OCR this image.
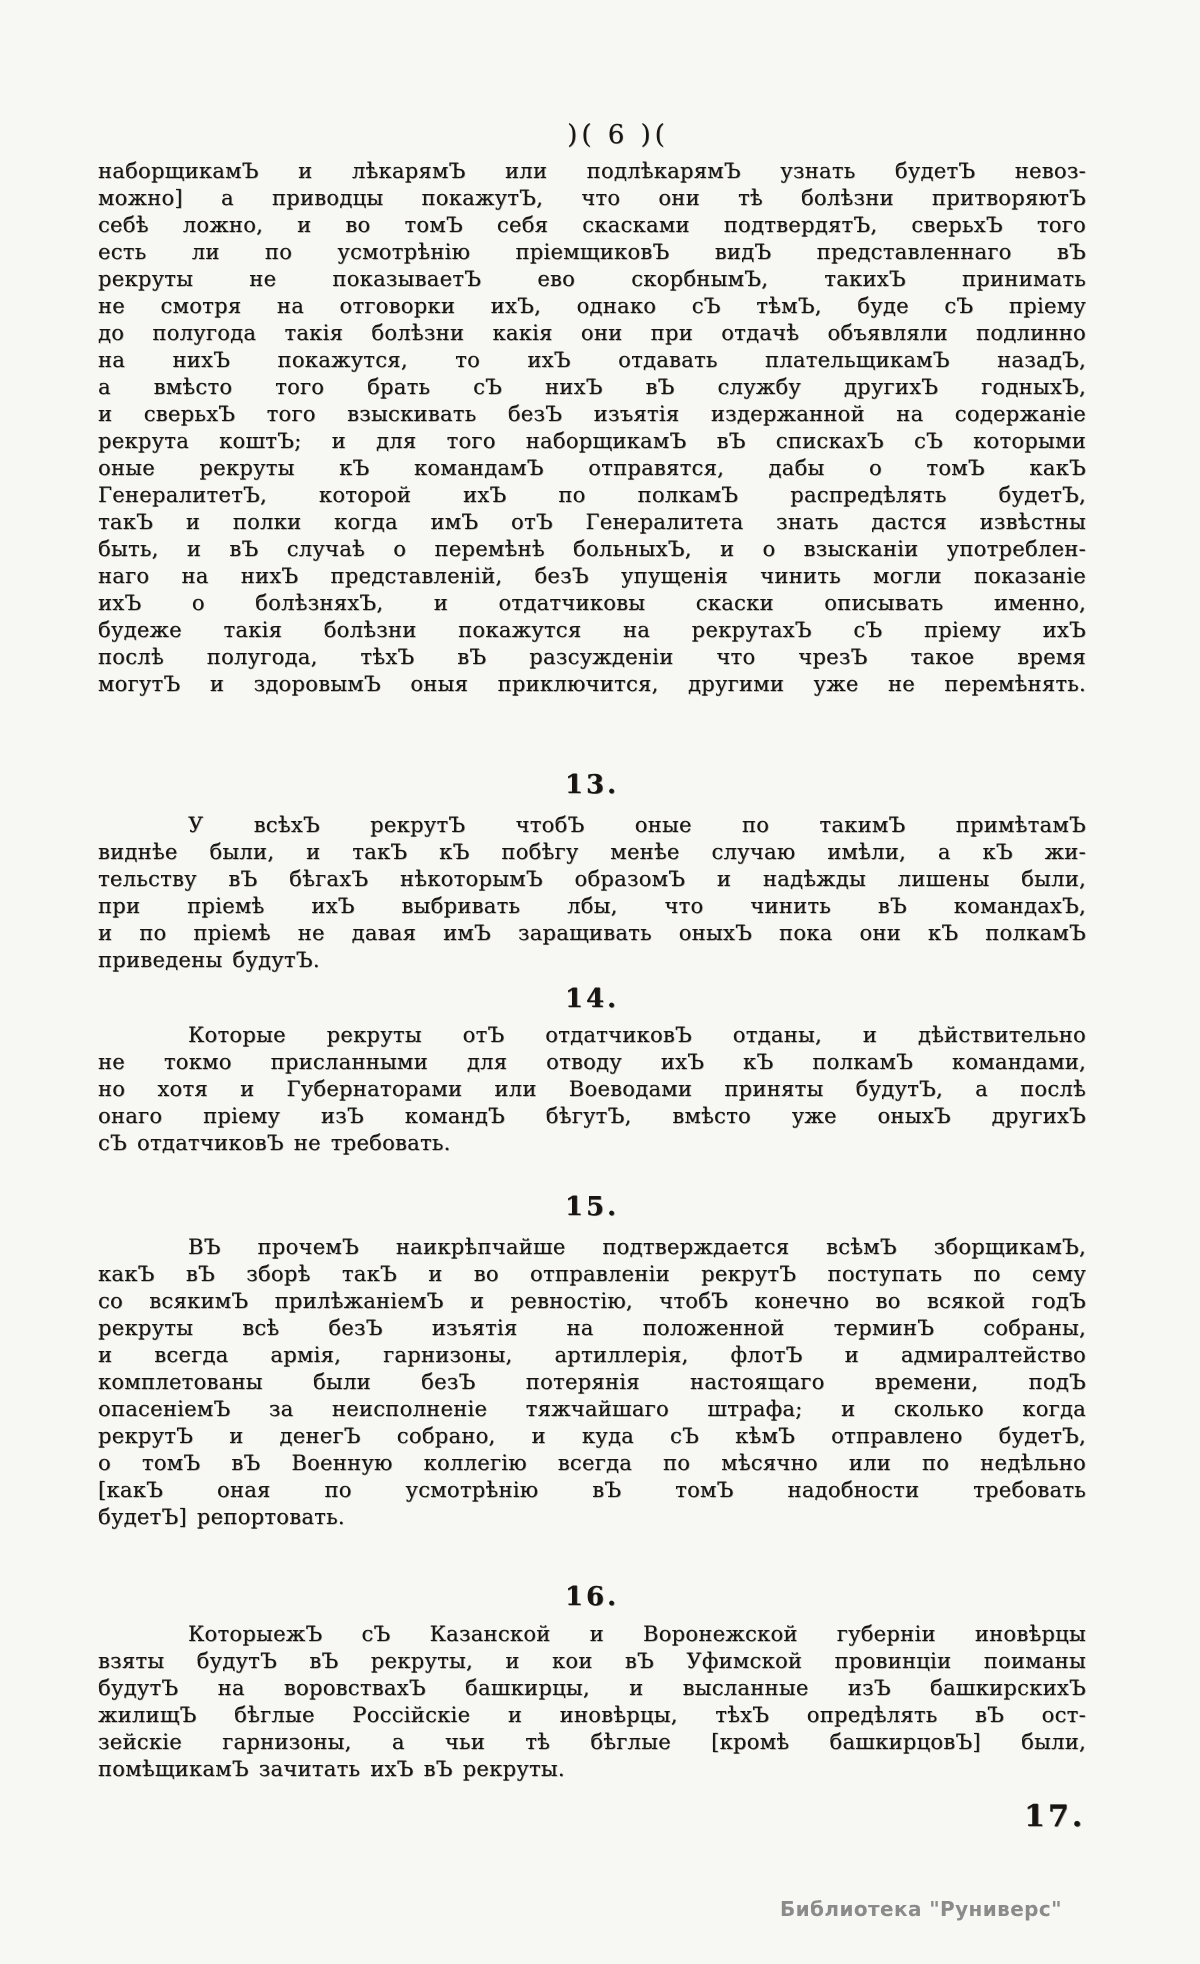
)( 6 )(
наборщикамЪ и лѣкарямЪ или подлѣкарямЪ узнать будетЪ невоз-
можно] а приводцы покажутЪ, что они тѣ болѣзни притворяютЪ
себѣ ложно, и во томЪ себя скасками подтвердятЪ, сверьхЪ того
есть ли по усмотрѣнію пріемщиковЪ видЪ представленнаго вЪ
рекруты не показываетЪ ево скорбнымЪ, такихЪ принимать
не смотря на отговорки ихЪ, однако сЪ тѣмЪ, буде сЪ пріему
до полугода такія болѣзни какія они при отдачѣ объявляли подлинно
на нихЪ покажутся, то ихЪ отдавать плательщикамЪ назадЪ,
а вмѣсто того брать сЪ нихЪ вЪ службу другихЪ годныхЪ,
и сверьхЪ того взыскивать безЪ изъятія издержанной на содержаніе
рекрута коштЪ; и для того наборщикамЪ вЪ спискахЪ сЪ которыми
оные рекруты кЪ командамЪ отправятся, дабы о томЪ какЪ
ГенералитетЪ, которой ихЪ по полкамЪ распредѣлять будетЪ,
такЪ и полки когда имЪ отЪ Генералитета знать дастся извѣстны
быть, и вЪ случаѣ о перемѣнѣ больныхЪ, и о взысканіи употреблен-
наго на нихЪ представленій, безЪ упущенія чинить могли показаніе
ихЪ о болѣзняхЪ, и отдатчиковы скаски описывать именно,
будеже такія болѣзни покажутся на рекрутахЪ сЪ пріему ихЪ
послѣ полугода, тѣхЪ вЪ разсужденіи что чрезЪ такое время
могутЪ и здоровымЪ оныя приключится, другими уже не перемѣнять.
13.
У всѣхЪ рекрутЪ чтобЪ оные по такимЪ примѣтамЪ
виднѣе были, и такЪ кЪ побѣгу менѣе случаю имѣли, а кЪ жи-
тельству вЪ бѣгахЪ нѣкоторымЪ образомЪ и надѣжды лишены были,
при пріемѣ ихЪ выбривать лбы, что чинить вЪ командахЪ,
и по пріемѣ не давая имЪ заращивать оныхЪ пока они кЪ полкамЪ
приведены будутЪ.
14.
Которые рекруты отЪ отдатчиковЪ отданы, и дѣйствительно
не токмо присланными для отводу ихЪ кЪ полкамЪ командами,
но хотя и Губернаторами или Воеводами приняты будутЪ, а послѣ
онаго пріему изЪ командЪ бѣгутЪ, вмѣсто уже оныхЪ другихЪ
сЪ отдатчиковЪ не требовать.
15.
ВЪ прочемЪ наикрѣпчайше подтверждается всѣмЪ зборщикамЪ,
какЪ вЪ зборѣ такЪ и во отправленіи рекрутЪ поступать по сему
со всякимЪ прилѣжаніемЪ и ревностію, чтобЪ конечно во всякой годЪ
рекруты всѣ безЪ изъятія на положенной терминЪ собраны,
и всегда армія, гарнизоны, артиллерія, флотЪ и адмиралтейство
комплетованы были безЪ потерянія настоящаго времени, подЪ
опасеніемЪ за неисполненіе тяжчайшаго штрафа; и сколько когда
рекрутЪ и денегЪ собрано, и куда сЪ кѣмЪ отправлено будетЪ,
о томЪ вЪ Военную коллегію всегда по мѣсячно или по недѣльно
[какЪ оная по усмотрѣнію вЪ томЪ надобности требовать
будетЪ] репортовать.
16.
КоторыежЪ сЪ Казанской и Воронежской губерніи иновѣрцы
взяты будутЪ вЪ рекруты, и кои вЪ Уфимской провинціи поиманы
будутЪ на воровствахЪ башкирцы, и высланные изЪ башкирскихЪ
жилищЪ бѣглые Россійскіе и иновѣрцы, тѣхЪ опредѣлять вЪ ост-
зейскіе гарнизоны, а чьи тѣ бѣглые [кромѣ башкирцовЪ] были,
помѣщикамЪ зачитать ихЪ вЪ рекруты.
17.
Библиотека "Руниверс"
